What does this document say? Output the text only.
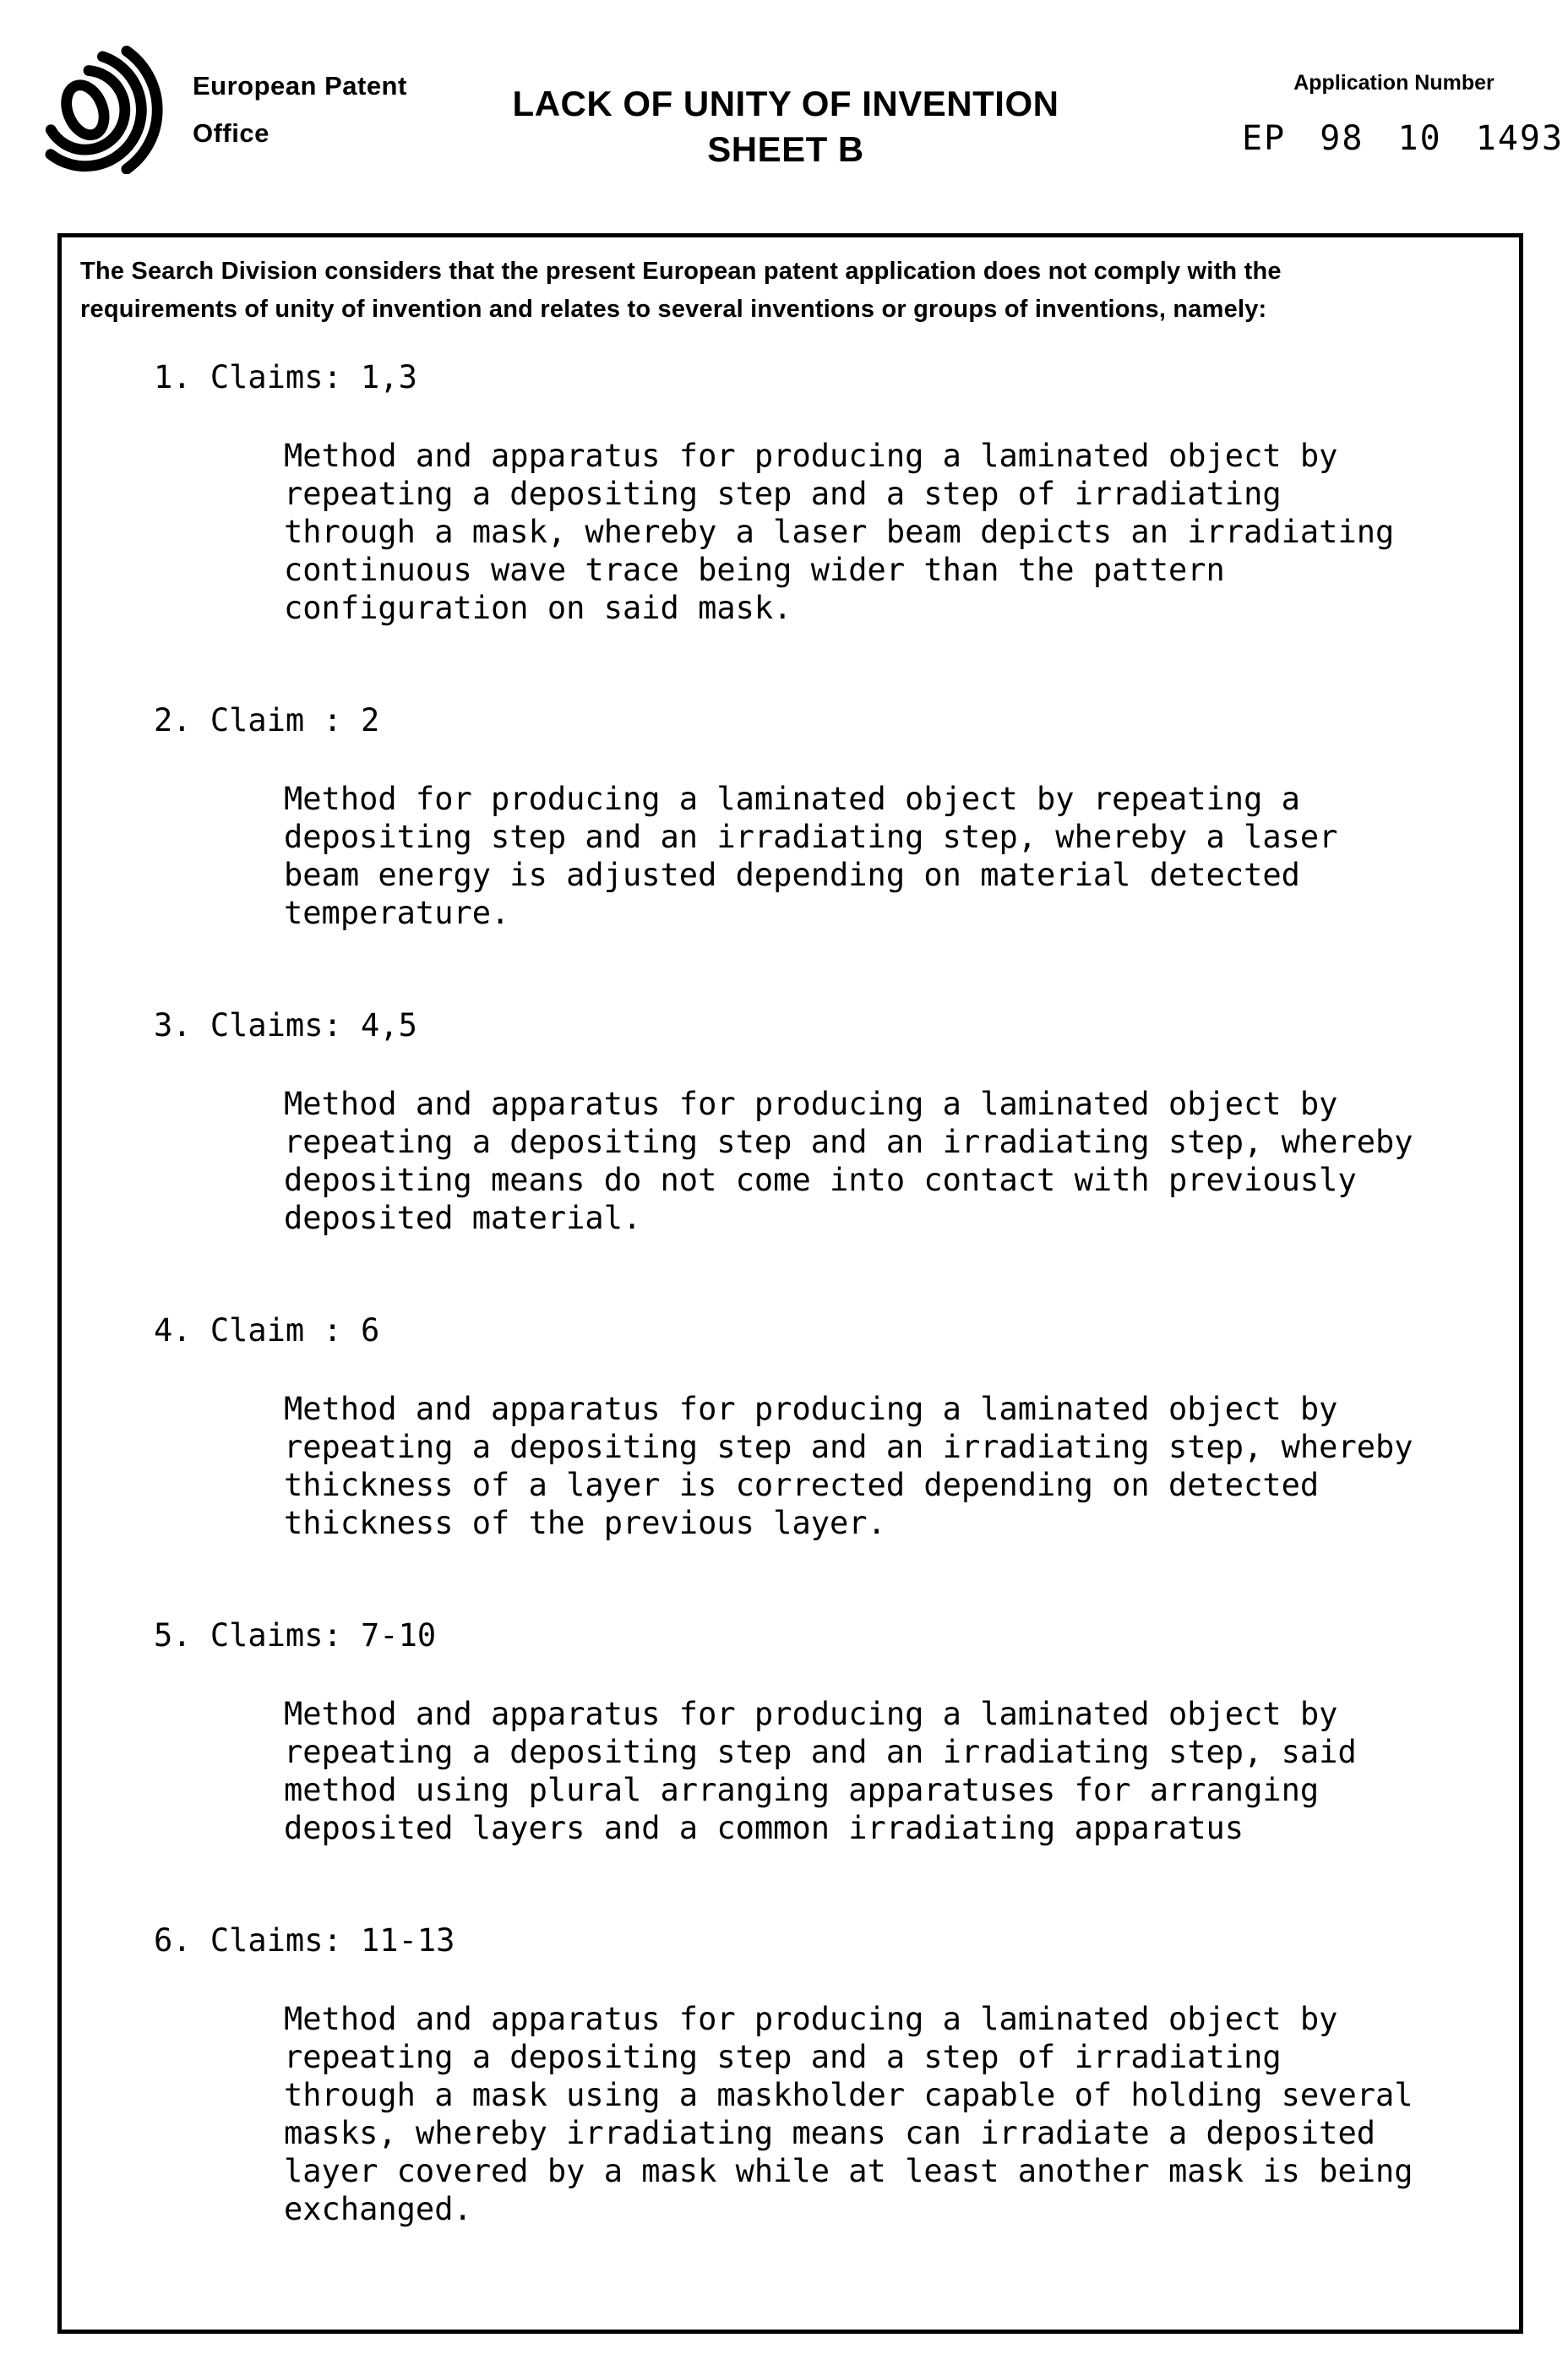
European Patent
Office
LACK OF UNITY OF INVENTION
SHEET B
Application Number
EP 98 10 1493

The Search Division considers that the present European patent application does not comply with the
requirements of unity of invention and relates to several inventions or groups of inventions, namely:

1. Claims: 1,3
Method and apparatus for producing a laminated object by
repeating a depositing step and a step of irradiating
through a mask, whereby a laser beam depicts an irradiating
continuous wave trace being wider than the pattern
configuration on said mask.
2. Claim : 2
Method for producing a laminated object by repeating a
depositing step and an irradiating step, whereby a laser
beam energy is adjusted depending on material detected
temperature.
3. Claims: 4,5
Method and apparatus for producing a laminated object by
repeating a depositing step and an irradiating step, whereby
depositing means do not come into contact with previously
deposited material.
4. Claim : 6
Method and apparatus for producing a laminated object by
repeating a depositing step and an irradiating step, whereby
thickness of a layer is corrected depending on detected
thickness of the previous layer.
5. Claims: 7-10
Method and apparatus for producing a laminated object by
repeating a depositing step and an irradiating step, said
method using plural arranging apparatuses for arranging
deposited layers and a common irradiating apparatus
6. Claims: 11-13
Method and apparatus for producing a laminated object by
repeating a depositing step and a step of irradiating
through a mask using a maskholder capable of holding several
masks, whereby irradiating means can irradiate a deposited
layer covered by a mask while at least another mask is being
exchanged.
